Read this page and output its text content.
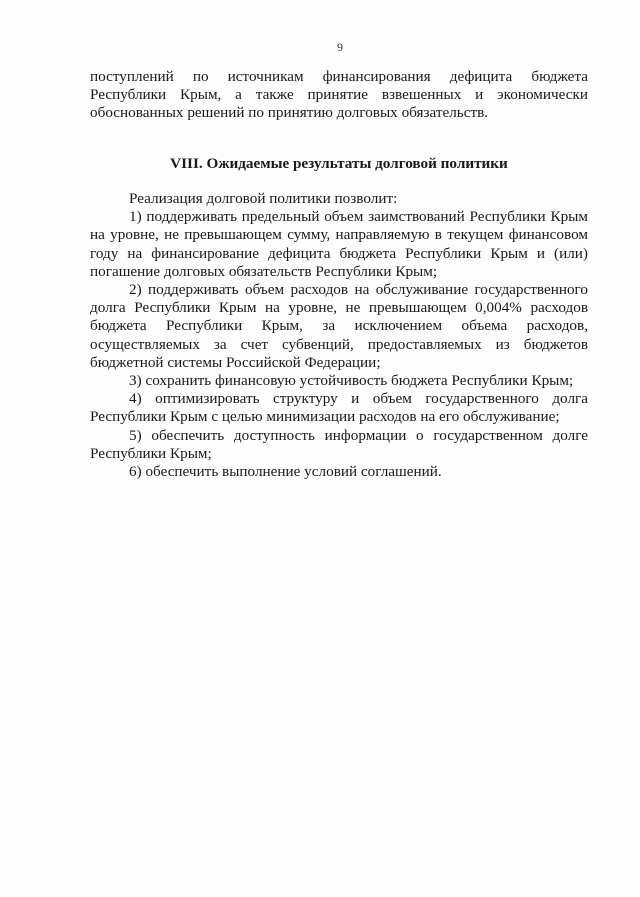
9

поступлений по источникам финансирования дефицита бюджета Республики Крым, а также принятие взвешенных и экономически обоснованных решений по принятию долговых обязательств.

VIII. Ожидаемые результаты долговой политики

Реализация долговой политики позволит:

1) поддерживать предельный объем заимствований Республики Крым на уровне, не превышающем сумму, направляемую в текущем финансовом году на финансирование дефицита бюджета Республики Крым и (или) погашение долговых обязательств Республики Крым;

2) поддерживать объем расходов на обслуживание государственного долга Республики Крым на уровне, не превышающем 0,004% расходов бюджета Республики Крым, за исключением объема расходов, осуществляемых за счет субвенций, предоставляемых из бюджетов бюджетной системы Российской Федерации;

3) сохранить финансовую устойчивость бюджета Республики Крым;

4) оптимизировать структуру и объем государственного долга Республики Крым с целью минимизации расходов на его обслуживание;

5) обеспечить доступность информации о государственном долге Республики Крым;

6) обеспечить выполнение условий соглашений.
